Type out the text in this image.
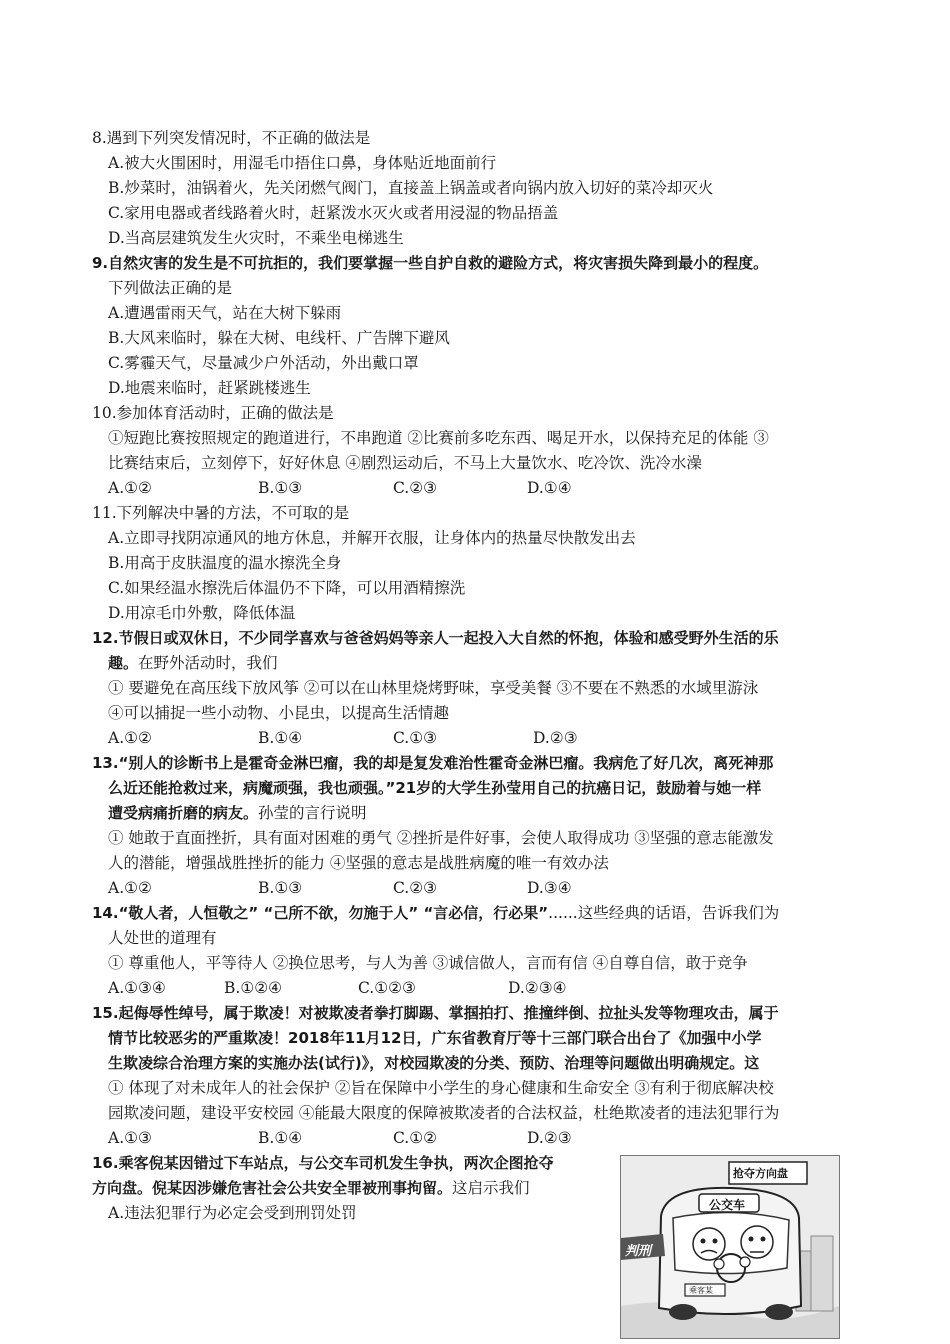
8.遇到下列突发情况时，不正确的做法是
A.被大火围困时，用湿毛巾捂住口鼻，身体贴近地面前行
B.炒菜时，油锅着火，先关闭燃气阀门，直接盖上锅盖或者向锅内放入切好的菜冷却灭火
C.家用电器或者线路着火时，赶紧泼水灭火或者用浸湿的物品捂盖
D.当高层建筑发生火灾时，不乘坐电梯逃生
9.自然灾害的发生是不可抗拒的，我们要掌握一些自护自救的避险方式，将灾害损失降到最小的程度。
下列做法正确的是
A.遭遇雷雨天气，站在大树下躲雨
B.大风来临时，躲在大树、电线杆、广告牌下避风
C.雾霾天气，尽量减少户外活动，外出戴口罩
D.地震来临时，赶紧跳楼逃生
10.参加体育活动时，正确的做法是
①短跑比赛按照规定的跑道进行，不串跑道 ②比赛前多吃东西、喝足开水，以保持充足的体能 ③
比赛结束后，立刻停下，好好休息 ④剧烈运动后，不马上大量饮水、吃冷饮、洗冷水澡
A.①②	B.①③	C.②③	D.①④
11.下列解决中暑的方法，不可取的是
A.立即寻找阴凉通风的地方休息，并解开衣服，让身体内的热量尽快散发出去
B.用高于皮肤温度的温水擦洗全身
C.如果经温水擦洗后体温仍不下降，可以用酒精擦洗
D.用凉毛巾外敷，降低体温
12.节假日或双休日，不少同学喜欢与爸爸妈妈等亲人一起投入大自然的怀抱，体验和感受野外生活的乐
趣。在野外活动时，我们
① 要避免在高压线下放风筝 ②可以在山林里烧烤野味，享受美餐 ③不要在不熟悉的水域里游泳
④可以捕捉一些小动物、小昆虫，以提高生活情趣
A.①②	B.①④	C.①③	D.②③
13.“别人的诊断书上是霍奇金淋巴瘤，我的却是复发难治性霍奇金淋巴瘤。我病危了好几次，离死神那
么近还能抢救过来，病魔顽强，我也顽强。”21岁的大学生孙莹用自己的抗癌日记，鼓励着与她一样
遭受病痛折磨的病友。孙莹的言行说明
① 她敢于直面挫折，具有面对困难的勇气 ②挫折是件好事，会使人取得成功 ③坚强的意志能激发
人的潜能，增强战胜挫折的能力 ④坚强的意志是战胜病魔的唯一有效办法
A.①②	B.①③	C.②③	D.③④
14.“敬人者，人恒敬之” “己所不欲，勿施于人” “言必信，行必果”......这些经典的话语，告诉我们为
人处世的道理有
① 尊重他人，平等待人 ②换位思考，与人为善 ③诚信做人，言而有信 ④自尊自信，敢于竞争
A.①③④	B.①②④	C.①②③	D.②③④
15.起侮辱性绰号，属于欺凌！对被欺凌者拳打脚踢、掌掴拍打、推撞绊倒、拉扯头发等物理攻击，属于
情节比较恶劣的严重欺凌！2018年11月12日，广东省教育厅等十三部门联合出台了《加强中小学
生欺凌综合治理方案的实施办法(试行)》，对校园欺凌的分类、预防、治理等问题做出明确规定。这
① 体现了对未成年人的社会保护 ②旨在保障中小学生的身心健康和生命安全 ③有利于彻底解决校
园欺凌问题，建设平安校园 ④能最大限度的保障被欺凌者的合法权益，杜绝欺凌者的违法犯罪行为
A.①③	B.①④	C.①②	D.②③
16.乘客倪某因错过下车站点，与公交车司机发生争执，两次企图抢夺
方向盘。倪某因涉嫌危害社会公共安全罪被刑事拘留。这启示我们
A.违法犯罪行为必定会受到刑罚处罚
抢夺方向盘
公交车
判刑
乘客某
